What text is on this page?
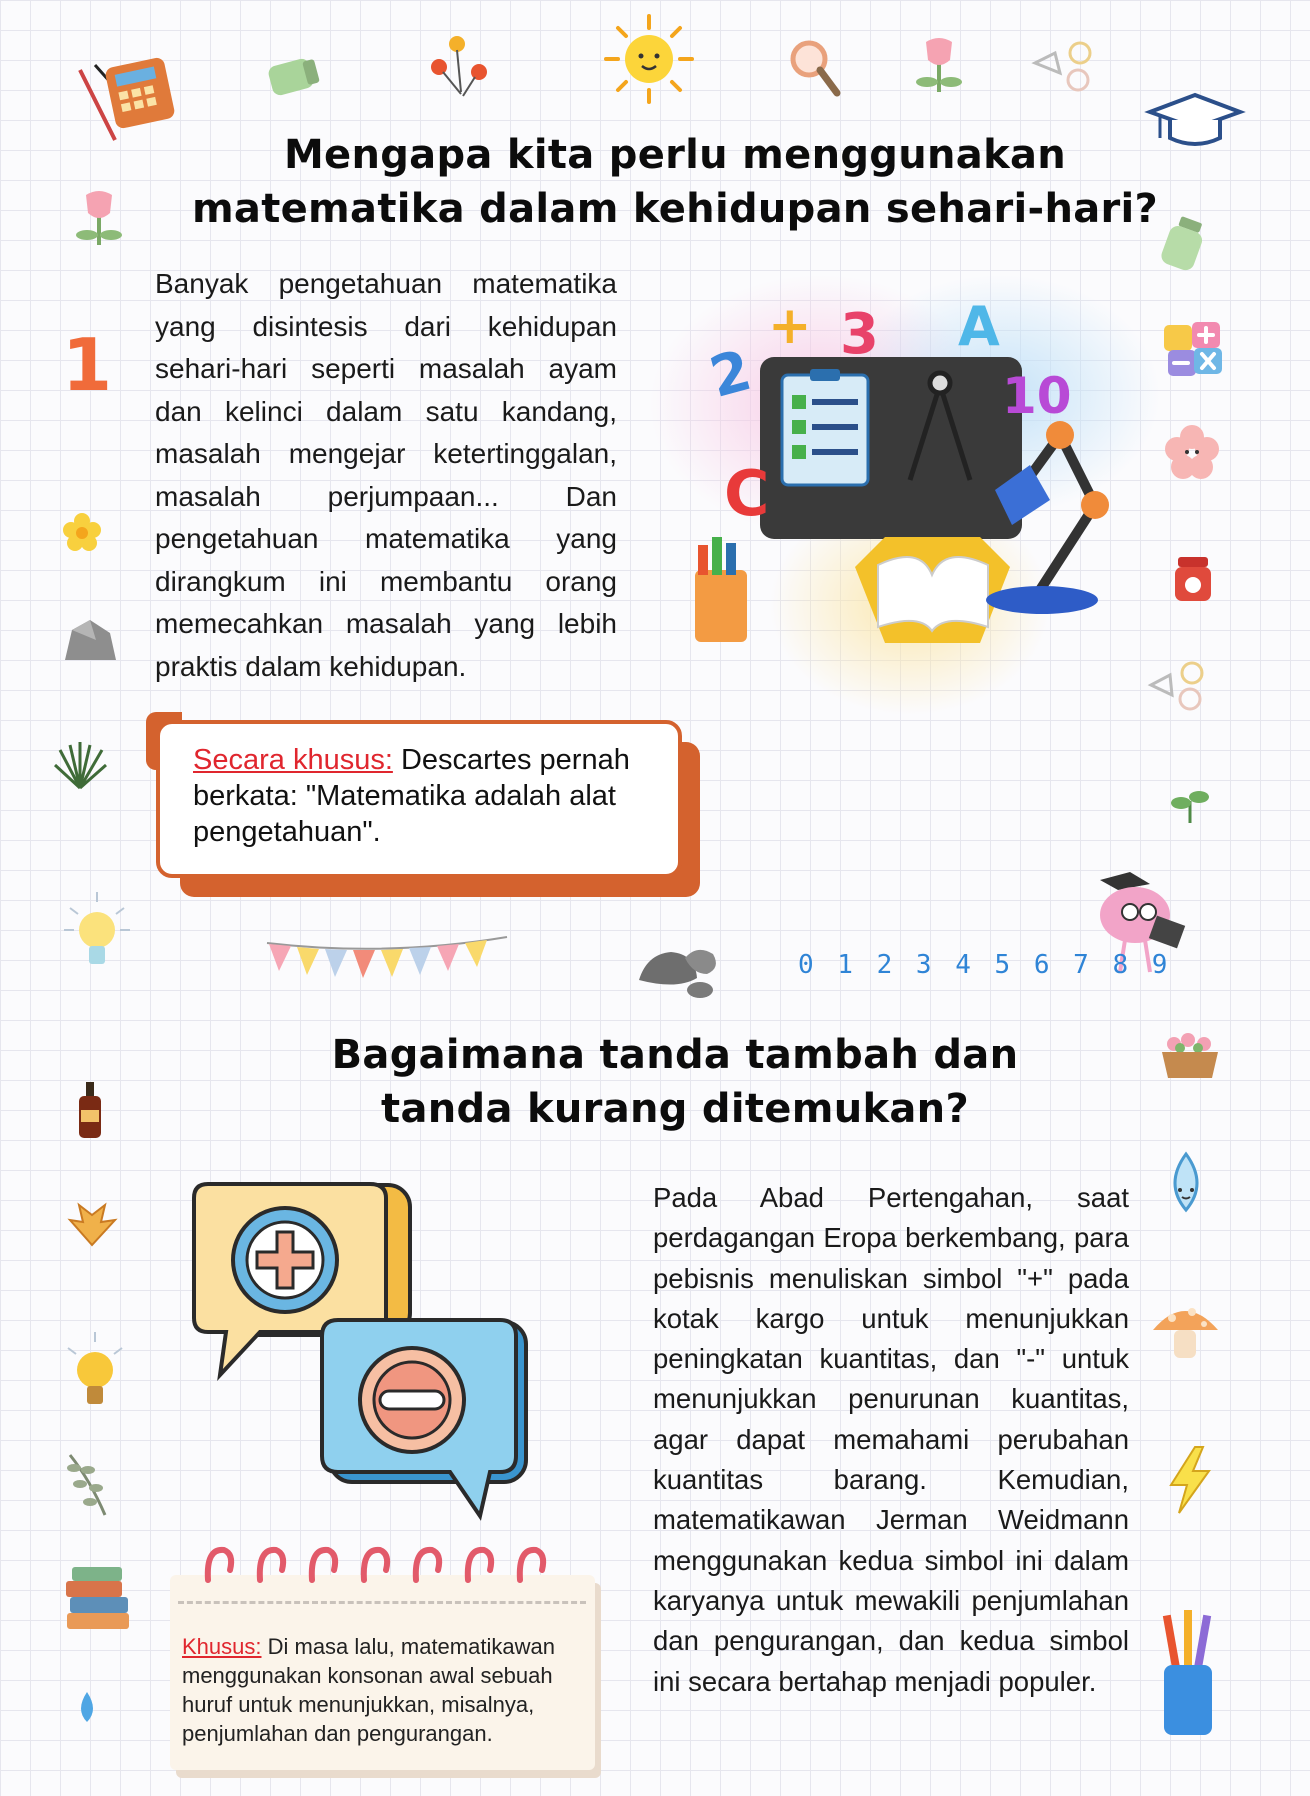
1
Mengapa kita perlu menggunakan
matematika dalam kehidupan sehari-hari?
Banyak pengetahuan matematika yang disintesis dari kehidupan sehari-hari seperti masalah ayam dan kelinci dalam satu kandang, masalah mengejar ketertinggalan, masalah perjumpaan... Dan pengetahuan matematika yang dirangkum ini membantu orang memecahkan masalah yang lebih praktis dalam kehidupan.
2
+ 3 A
10
C
Secara khusus: Descartes pernah berkata: "Matematika adalah alat pengetahuan".
0 1 2 3 4 5 6 7 8 9
Bagaimana tanda tambah dan
tanda kurang ditemukan?
Khusus: Di masa lalu, matematikawan menggunakan konsonan awal sebuah huruf untuk menunjukkan, misalnya, penjumlahan dan pengurangan.
Pada Abad Pertengahan, saat perdagangan Eropa berkembang, para pebisnis menuliskan simbol "+" pada kotak kargo untuk menunjukkan peningkatan kuantitas, dan "-" untuk menunjukkan penurunan kuantitas, agar dapat memahami perubahan kuantitas barang. Kemudian, matematikawan Jerman Weidmann menggunakan kedua simbol ini dalam karyanya untuk mewakili penjumlahan dan pengurangan, dan kedua simbol ini secara bertahap menjadi populer.
